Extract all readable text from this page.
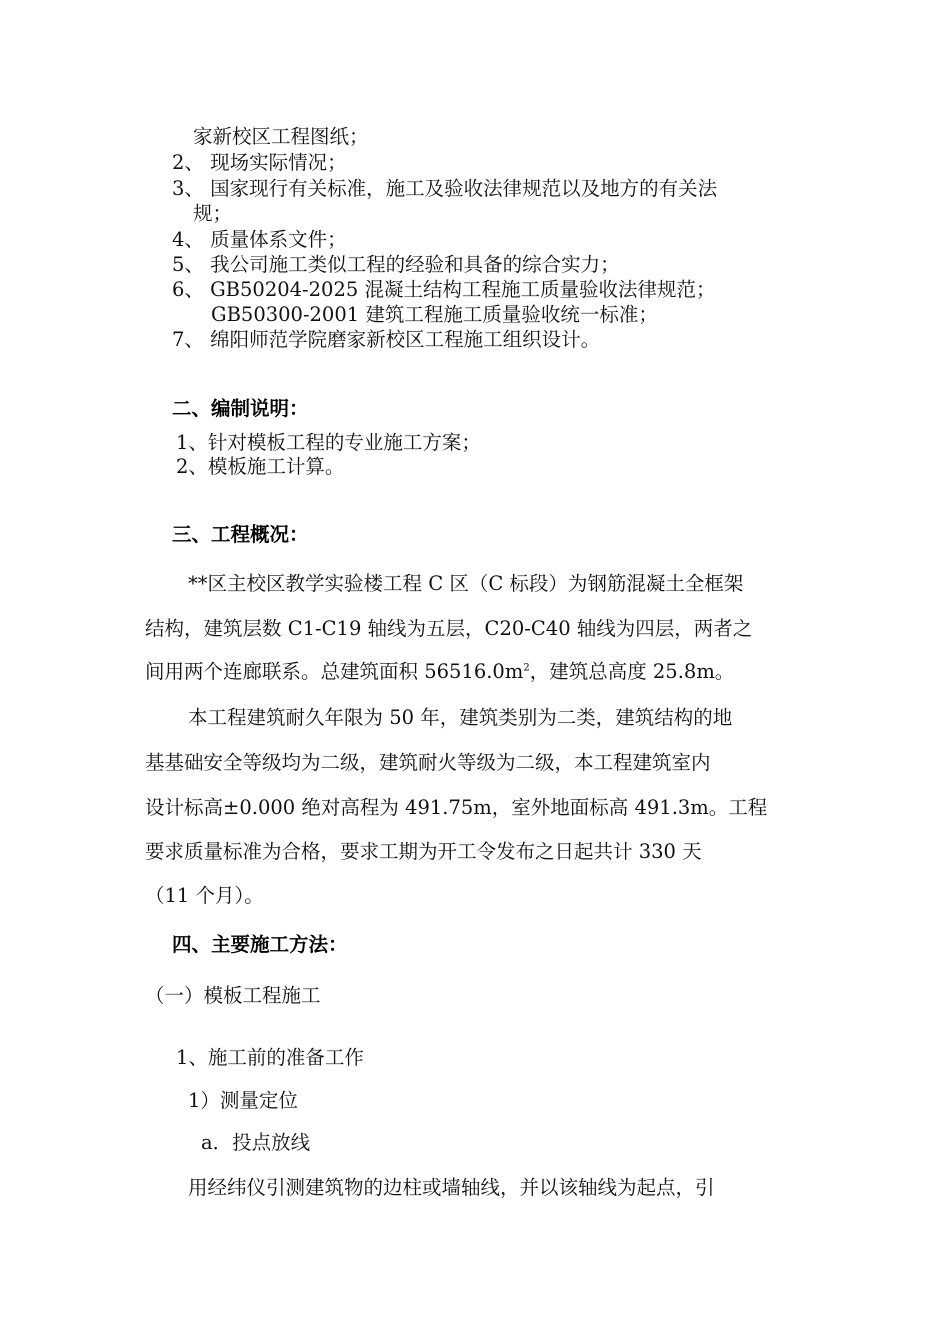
家新校区工程图纸；
2、 现场实际情况；
3、 国家现行有关标准，施工及验收法律规范以及地方的有关法
规；
4、 质量体系文件；
5、 我公司施工类似工程的经验和具备的综合实力；
6、 GB50204-2025 混凝土结构工程施工质量验收法律规范；
GB50300-2001 建筑工程施工质量验收统一标准；
7、 绵阳师范学院磨家新校区工程施工组织设计。
二、编制说明：
1、针对模板工程的专业施工方案；
2、模板施工计算。
三、工程概况：
**区主校区教学实验楼工程 C 区（C 标段）为钢筋混凝土全框架
结构，建筑层数 C1-C19 轴线为五层，C20-C40 轴线为四层，两者之
间用两个连廊联系。总建筑面积 $56516.0m^2$，建筑总高度 25.8m。
本工程建筑耐久年限为 50 年，建筑类别为二类，建筑结构的地
基基础安全等级均为二级，建筑耐火等级为二级，本工程建筑室内
设计标高±0.000 绝对高程为 491.75m，室外地面标高 491.3m。工程
要求质量标准为合格，要求工期为开工令发布之日起共计 330 天
（11 个月）。
四、主要施工方法：
（一）模板工程施工
1、施工前的准备工作
1）测量定位
a．投点放线
用经纬仪引测建筑物的边柱或墙轴线，并以该轴线为起点，引
